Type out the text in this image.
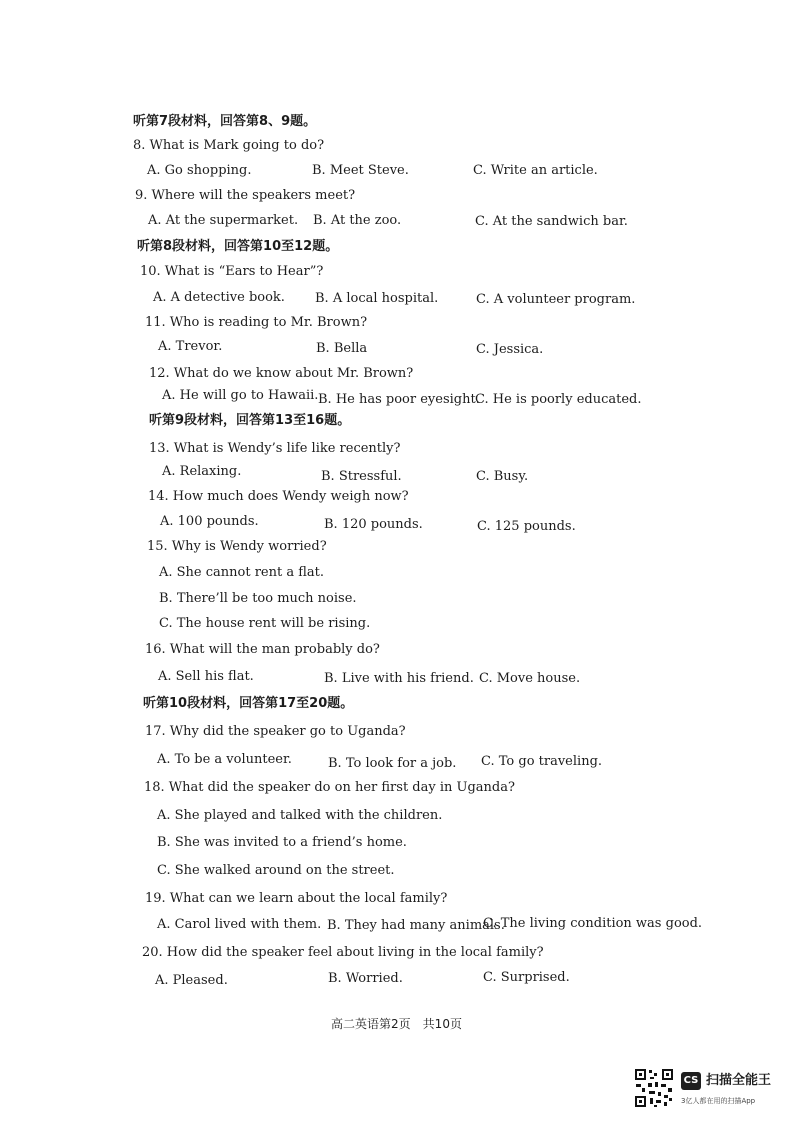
听第7段材料，回答第8、9题。
8. What is Mark going to do?
A. Go shopping.	B. Meet Steve.	C. Write an article.
9. Where will the speakers meet?
A. At the supermarket. B. At the zoo.	C. At the sandwich bar.
听第8段材料，回答第10至12题。
10. What is “Ears to Hear”?
A. A detective book. B. A local hospital.	C. A volunteer program.
11. Who is reading to Mr. Brown?
A. Trevor.	B. Bella	C. Jessica.
12. What do we know about Mr. Brown?
A. He will go to Hawaii. B. He has poor eyesight.
C. He is poorly educated.
听第9段材料，回答第13至16题。
13. What is Wendy’s life like recently?
A. Relaxing.	B. Stressful.	C. Busy.
14. How much does Wendy weigh now?
A. 100 pounds.	B. 120 pounds.	C. 125 pounds.
15. Why is Wendy worried?
A. She cannot rent a flat.
B. There’ll be too much noise.
C. The house rent will be rising.
16. What will the man probably do?
A. Sell his flat.	B. Live with his friend. C. Move house.
听第10段材料，回答第17至20题。
17. Why did the speaker go to Uganda?
A. To be a volunteer.	B. To look for a job. C. To go traveling.
18. What did the speaker do on her first day in Uganda?
A. She played and talked with the children.
B. She was invited to a friend’s home.
C. She walked around on the street.
19. What can we learn about the local family?
A. Carol lived with them. B. They had many animals.
C. The living condition was good.
20. How did the speaker feel about living in the local family?
A. Pleased.	B. Worried.	C. Surprised.
高二英语第2页　共10页
CS 扫描全能王
3亿人都在用的扫描App
